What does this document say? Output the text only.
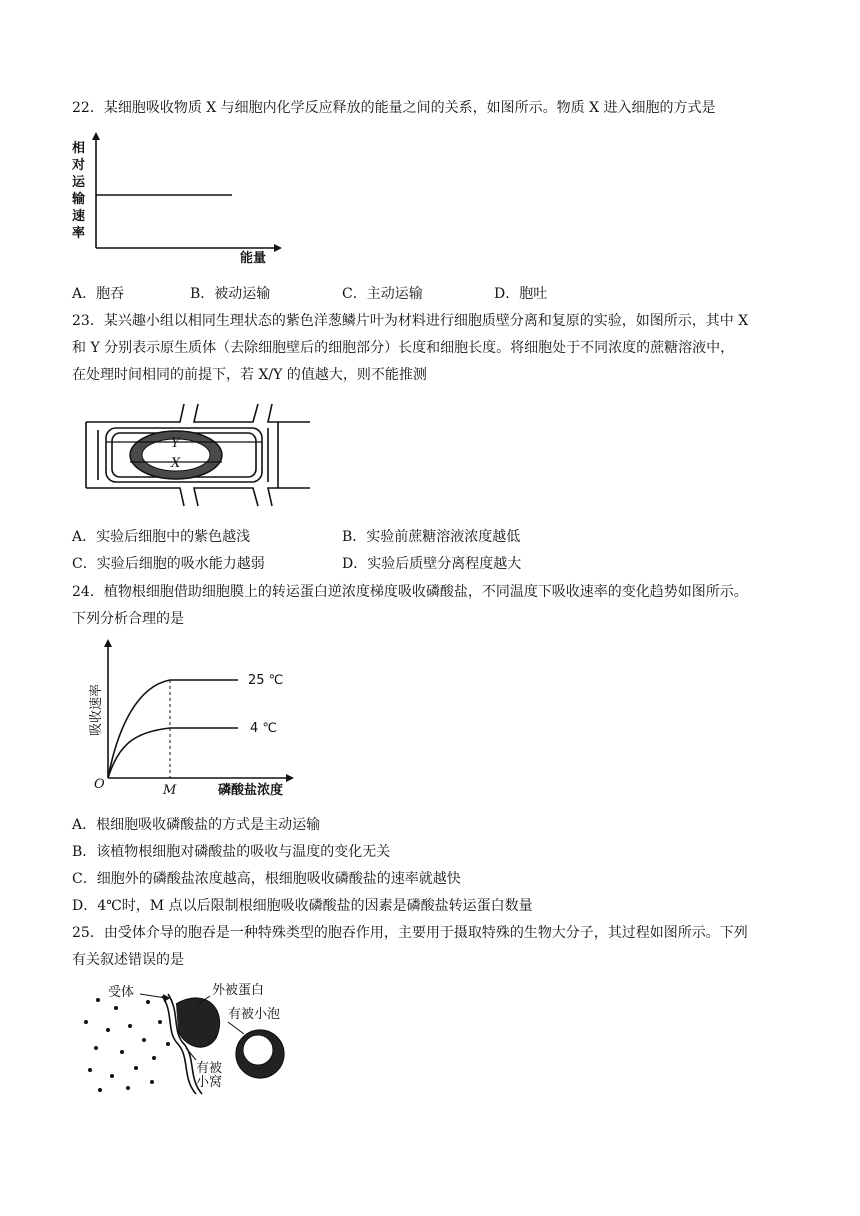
22．某细胞吸收物质 X 与细胞内化学反应释放的能量之间的关系，如图所示。物质 X 进入细胞的方式是
相
对
运
输
速
率
能量
A．胞吞	B．被动运输	C．主动运输	D．胞吐
23．某兴趣小组以相同生理状态的紫色洋葱鳞片叶为材料进行细胞质壁分离和复原的实验，如图所示，其中 X
和 Y 分别表示原生质体（去除细胞壁后的细胞部分）长度和细胞长度。将细胞处于不同浓度的蔗糖溶液中，
在处理时间相同的前提下，若 X/Y 的值越大，则不能推测
Y
X
A．实验后细胞中的紫色越浅	B．实验前蔗糖溶液浓度越低
C．实验后细胞的吸水能力越弱	D．实验后质壁分离程度越大
24．植物根细胞借助细胞膜上的转运蛋白逆浓度梯度吸收磷酸盐，不同温度下吸收速率的变化趋势如图所示。
下列分析合理的是
25 ℃
4 ℃
吸收速率
O	M	磷酸盐浓度
A．根细胞吸收磷酸盐的方式是主动运输
B．该植物根细胞对磷酸盐的吸收与温度的变化无关
C．细胞外的磷酸盐浓度越高，根细胞吸收磷酸盐的速率就越快
D．4℃时，M 点以后限制根细胞吸收磷酸盐的因素是磷酸盐转运蛋白数量
25．由受体介导的胞吞是一种特殊类型的胞吞作用，主要用于摄取特殊的生物大分子，其过程如图所示。下列
有关叙述错误的是
受体	外被蛋白
有被小泡
有被
小窝
